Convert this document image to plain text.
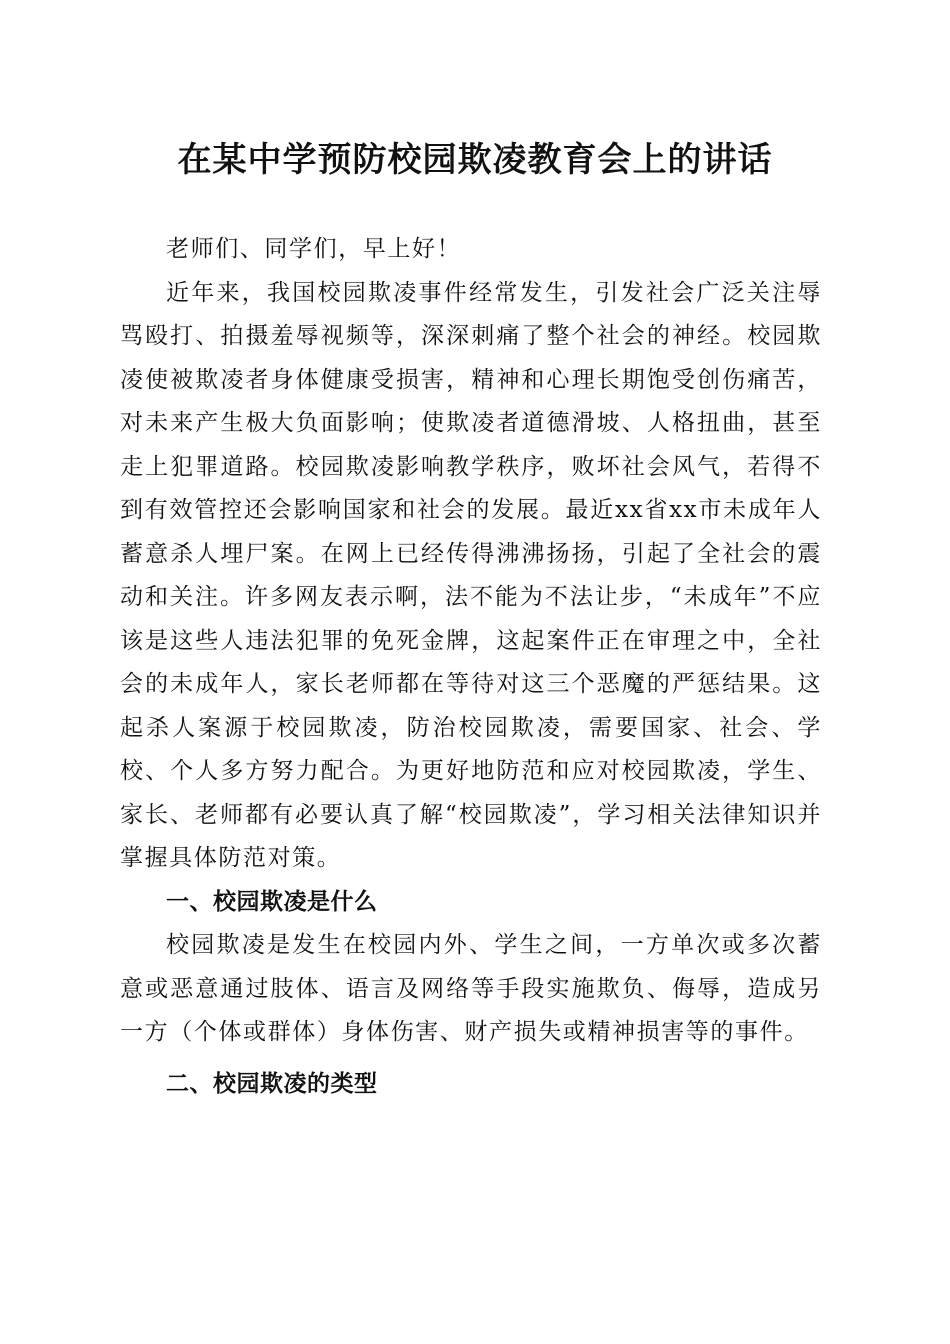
在某中学预防校园欺凌教育会上的讲话

老师们、同学们，早上好！

近年来，我国校园欺凌事件经常发生，引发社会广泛关注辱骂殴打、拍摄羞辱视频等，深深刺痛了整个社会的神经。校园欺凌使被欺凌者身体健康受损害，精神和心理长期饱受创伤痛苦，对未来产生极大负面影响；使欺凌者道德滑坡、人格扭曲，甚至走上犯罪道路。校园欺凌影响教学秩序，败坏社会风气，若得不到有效管控还会影响国家和社会的发展。最近xx省xx市未成年人蓄意杀人埋尸案。在网上已经传得沸沸扬扬，引起了全社会的震动和关注。许多网友表示啊，法不能为不法让步，“未成年”不应该是这些人违法犯罪的免死金牌，这起案件正在审理之中，全社会的未成年人，家长老师都在等待对这三个恶魔的严惩结果。这起杀人案源于校园欺凌，防治校园欺凌，需要国家、社会、学校、个人多方努力配合。为更好地防范和应对校园欺凌，学生、家长、老师都有必要认真了解“校园欺凌”，学习相关法律知识并掌握具体防范对策。

一、校园欺凌是什么

校园欺凌是发生在校园内外、学生之间，一方单次或多次蓄意或恶意通过肢体、语言及网络等手段实施欺负、侮辱，造成另一方（个体或群体）身体伤害、财产损失或精神损害等的事件。

二、校园欺凌的类型
